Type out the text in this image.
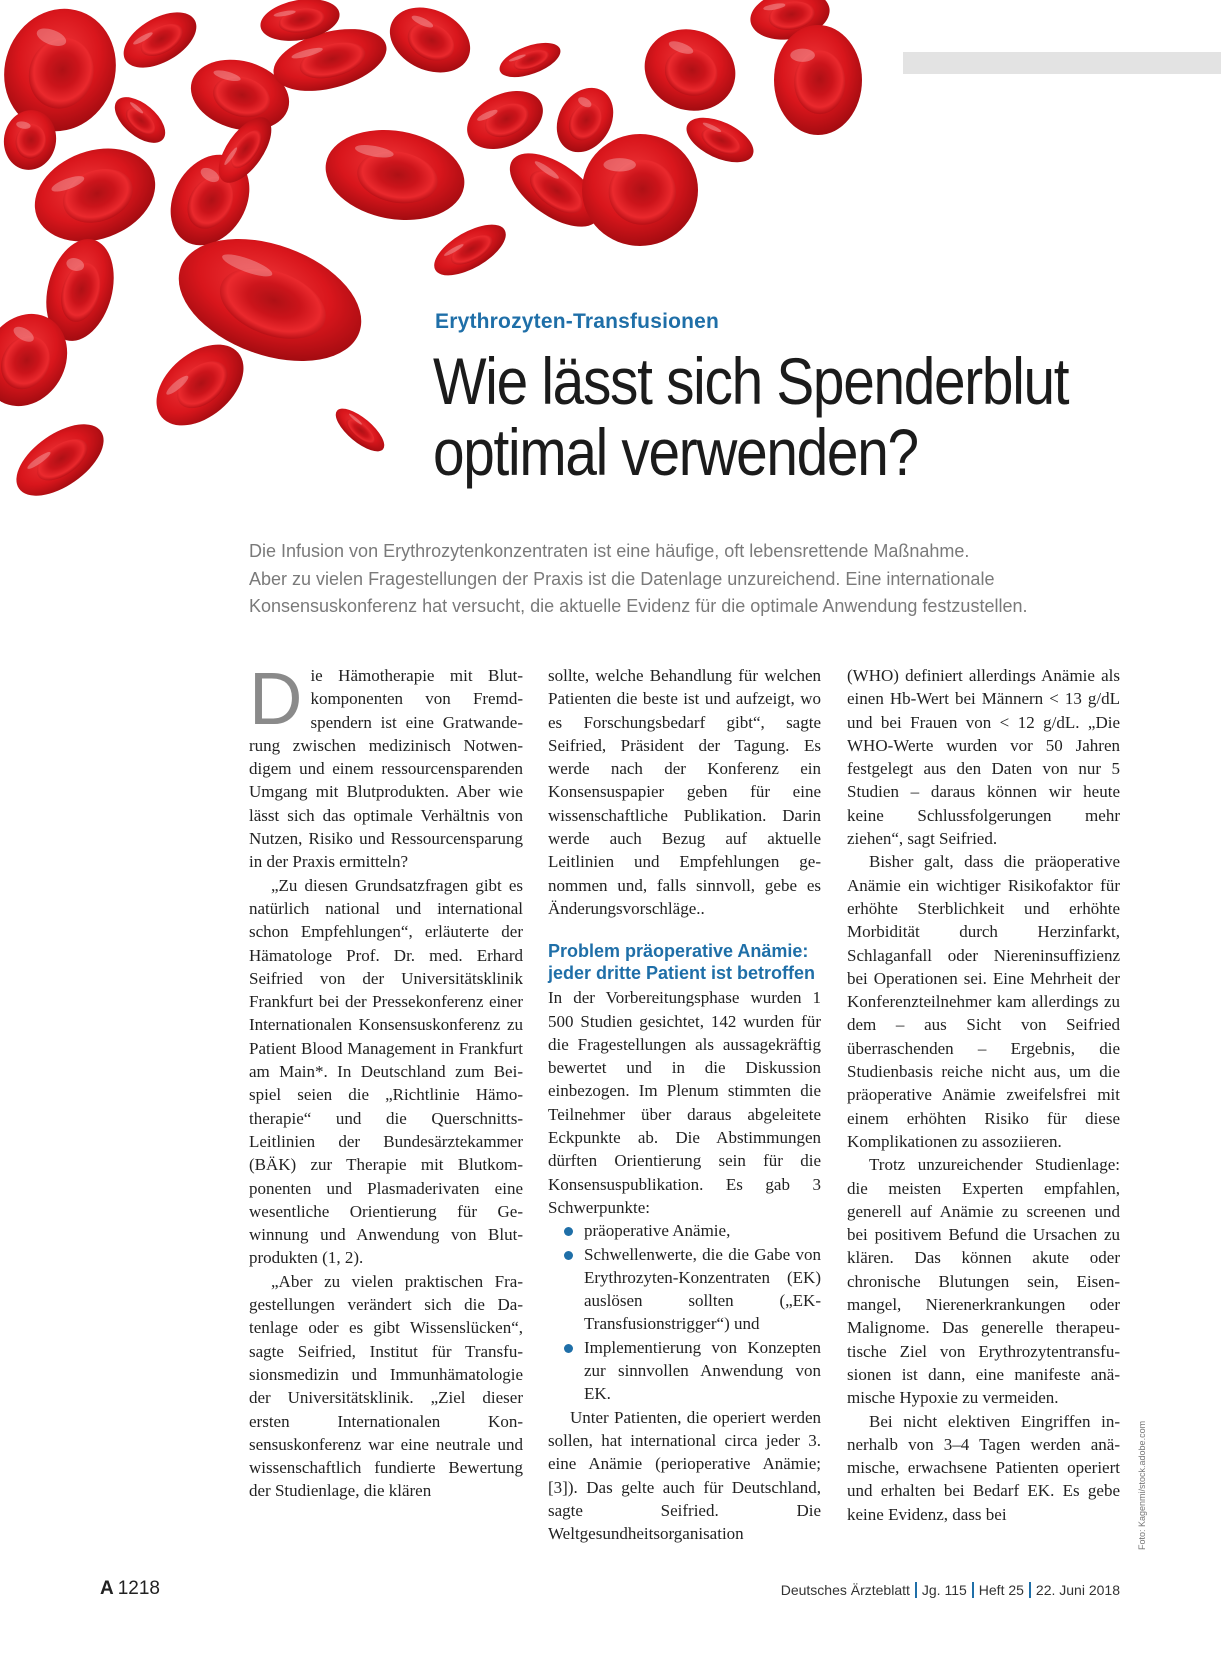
Erythrozyten-Transfusionen
Wie lässt sich Spenderblut
optimal verwenden?
Die Infusion von Erythrozytenkonzentraten ist eine häufige, oft lebensrettende Maßnahme.
Aber zu vielen Fragestellungen der Praxis ist die Datenlage unzureichend. Eine internationale
Konsensuskonferenz hat versucht, die aktuelle Evidenz für die optimale Anwendung festzustellen.

Die Hämotherapie mit Blutkomponenten von Fremdspendern ist eine Gratwanderung zwischen medizinisch Notwendigem und einem ressourcensparenden Umgang mit Blutprodukten. Aber wie lässt sich das optimale Verhältnis von Nutzen, Risiko und Ressourcensparung in der Praxis ermitteln?

„Zu diesen Grundsatzfragen gibt es natürlich national und international schon Empfehlungen“, erläuterte der Hämatologe Prof. Dr. med. Erhard Seifried von der Universitätsklinik Frankfurt bei der Pressekonferenz einer Internationalen Konsensuskonferenz zu Patient Blood Management in Frankfurt am Main*. In Deutschland zum Beispiel seien die „Richtlinie Hämotherapie“ und die Querschnitts-Leitlinien der Bundesärztekammer (BÄK) zur Therapie mit Blutkomponenten und Plasmaderivaten eine wesentliche Orientierung für Gewinnung und Anwendung von Blutprodukten (1, 2).

„Aber zu vielen praktischen Fragestellungen verändert sich die Datenlage oder es gibt Wissenslücken“, sagte Seifried, Institut für Transfusionsmedizin und Immunhämatologie der Universitätsklinik. „Ziel dieser ersten Internationalen Konsensuskonferenz war eine neutrale und wissenschaftlich fundierte Bewertung der Studienlage, die klären

sollte, welche Behandlung für welchen Patienten die beste ist und aufzeigt, wo es Forschungsbedarf gibt“, sagte Seifried, Präsident der Tagung. Es werde nach der Konferenz ein Konsensuspapier geben für eine wissenschaftliche Publikation. Darin werde auch Bezug auf aktuelle Leitlinien und Empfehlungen genommen und, falls sinnvoll, gebe es Änderungsvorschläge..

Problem präoperative Anämie:
jeder dritte Patient ist betroffen

In der Vorbereitungsphase wurden 1 500 Studien gesichtet, 142 wurden für die Fragestellungen als aussagekräftig bewertet und in die Diskussion einbezogen. Im Plenum stimmten die Teilnehmer über daraus abgeleitete Eckpunkte ab. Die Abstimmungen dürften Orientierung sein für die Konsensuspublikation. Es gab 3 Schwerpunkte:

präoperative Anämie,
Schwellenwerte, die die Gabe von Erythrozyten-Konzentraten (EK) auslösen sollten („EK-Transfusionstrigger“) und
Implementierung von Konzepten zur sinnvollen Anwendung von EK.

Unter Patienten, die operiert werden sollen, hat international circa jeder 3. eine Anämie (perioperative Anämie; [3]). Das gelte auch für Deutschland, sagte Seifried. Die Weltgesundheitsorganisation

(WHO) definiert allerdings Anämie als einen Hb-Wert bei Männern < 13 g/dL und bei Frauen von < 12 g/dL. „Die WHO-Werte wurden vor 50 Jahren festgelegt aus den Daten von nur 5 Studien – daraus können wir heute keine Schlussfolgerungen mehr ziehen“, sagt Seifried.

Bisher galt, dass die präoperative Anämie ein wichtiger Risikofaktor für erhöhte Sterblichkeit und erhöhte Morbidität durch Herzinfarkt, Schlaganfall oder Niereninsuffizienz bei Operationen sei. Eine Mehrheit der Konferenzteilnehmer kam allerdings zu dem – aus Sicht von Seifried überraschenden – Ergebnis, die Studienbasis reiche nicht aus, um die präoperative Anämie zweifelsfrei mit einem erhöhten Risiko für diese Komplikationen zu assoziieren.

Trotz unzureichender Studienlage: die meisten Experten empfahlen, generell auf Anämie zu screenen und bei positivem Befund die Ursachen zu klären. Das können akute oder chronische Blutungen sein, Eisenmangel, Nierenerkrankungen oder Malignome. Das generelle therapeutische Ziel von Erythrozytentransfusionen ist dann, eine manifeste anämische Hypoxie zu vermeiden.

Bei nicht elektiven Eingriffen innerhalb von 3–4 Tagen werden anämische, erwachsene Patienten operiert und erhalten bei Bedarf EK. Es gebe keine Evidenz, dass bei	Foto: Kagenmi/stock.adobe.com
A 1218	Deutsches Ärzteblatt Jg. 115 Heft 25 22. Juni 2018
